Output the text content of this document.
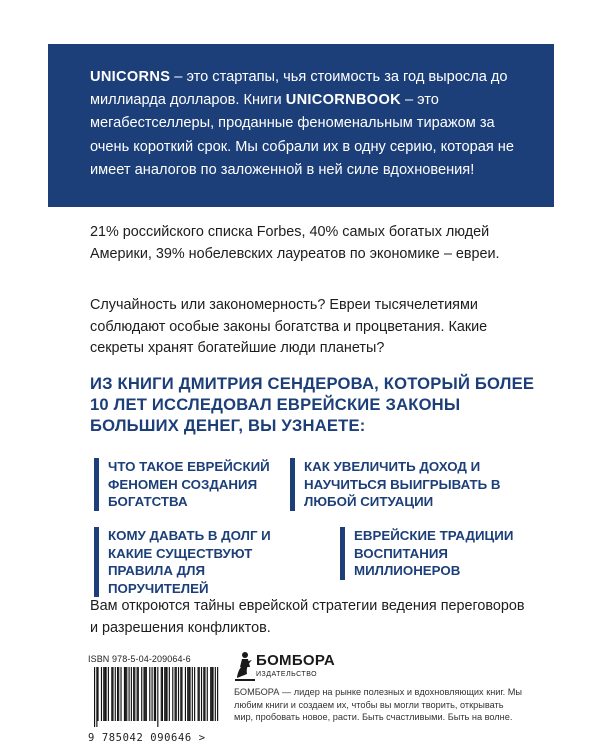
UNICORNS – это стартапы, чья стоимость за год выросла до миллиарда долларов. Книги UNICORNBOOK – это мегабестселлеры, проданные феноменальным тиражом за очень короткий срок. Мы собрали их в одну серию, которая не имеет аналогов по заложенной в ней силе вдохновения!
21% российского списка Forbes, 40% самых богатых людей Америки, 39% нобелевских лауреатов по экономике – евреи.
Случайность или закономерность? Евреи тысячелетиями соблюдают особые законы богатства и процветания. Какие секреты хранят богатейшие люди планеты?
ИЗ КНИГИ ДМИТРИЯ СЕНДЕРОВА, КОТОРЫЙ БОЛЕЕ 10 ЛЕТ ИССЛЕДОВАЛ ЕВРЕЙСКИЕ ЗАКОНЫ БОЛЬШИХ ДЕНЕГ, ВЫ УЗНАЕТЕ:
ЧТО ТАКОЕ ЕВРЕЙСКИЙ ФЕНОМЕН СОЗДАНИЯ БОГАТСТВА
КАК УВЕЛИЧИТЬ ДОХОД И НАУЧИТЬСЯ ВЫИГРЫВАТЬ В ЛЮБОЙ СИТУАЦИИ
КОМУ ДАВАТЬ В ДОЛГ И КАКИЕ СУЩЕСТВУЮТ ПРАВИЛА ДЛЯ ПОРУЧИТЕЛЕЙ
ЕВРЕЙСКИЕ ТРАДИЦИИ ВОСПИТАНИЯ МИЛЛИОНЕРОВ
Вам откроются тайны еврейской стратегии ведения переговоров и разрешения конфликтов.
ISBN 978-5-04-209064-6
9 785042 090646 >
БОМБОРА
ИЗДАТЕЛЬСТВО
БОМБОРА — лидер на рынке полезных и вдохновляющих книг. Мы любим книги и создаем их, чтобы вы могли творить, открывать мир, пробовать новое, расти. Быть счастливыми. Быть на волне.
